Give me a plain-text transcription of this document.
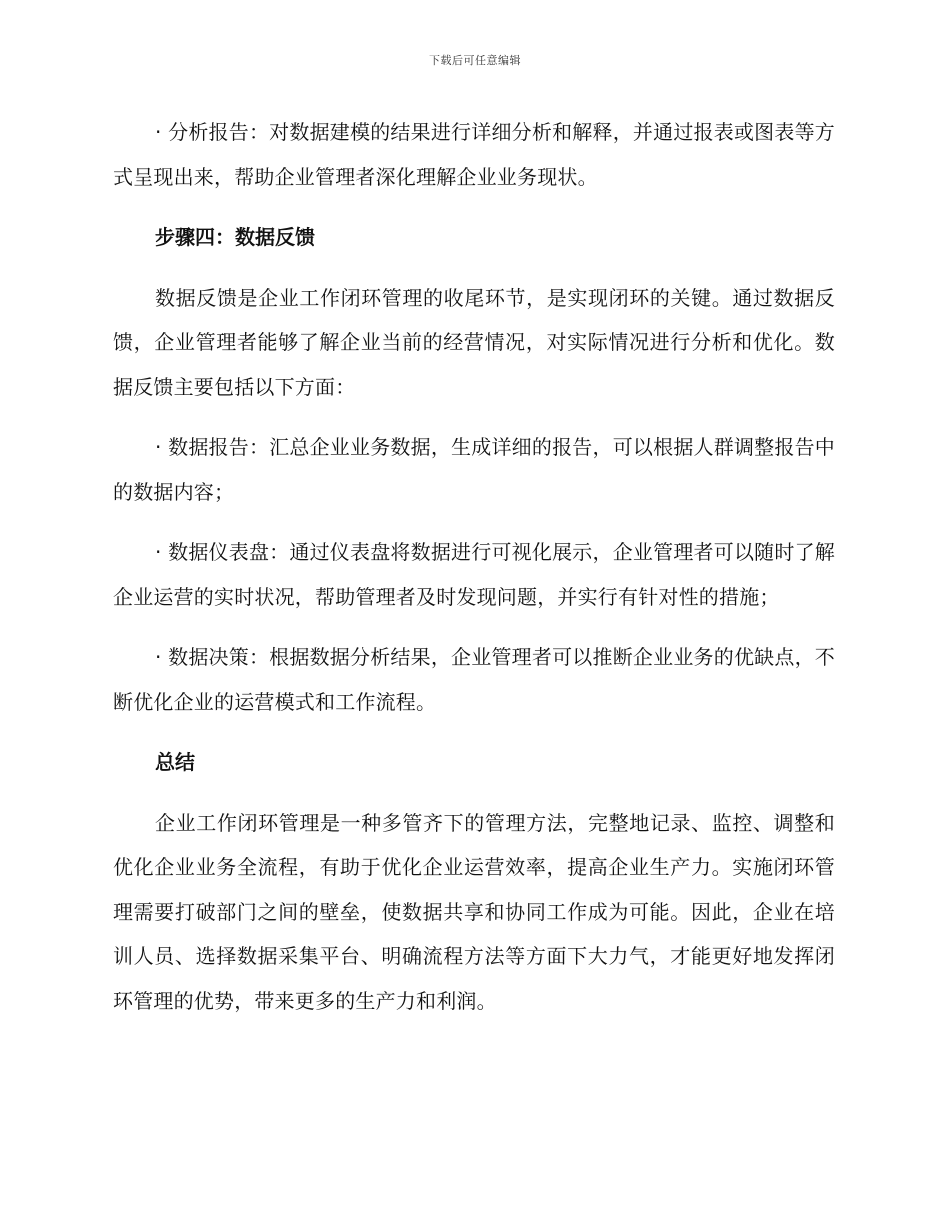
下载后可任意编辑

· 分析报告：对数据建模的结果进行详细分析和解释，并通过报表或图表等方式呈现出来，帮助企业管理者深化理解企业业务现状。

步骤四：数据反馈

数据反馈是企业工作闭环管理的收尾环节，是实现闭环的关键。通过数据反馈，企业管理者能够了解企业当前的经营情况，对实际情况进行分析和优化。数据反馈主要包括以下方面：

· 数据报告：汇总企业业务数据，生成详细的报告，可以根据人群调整报告中的数据内容；

· 数据仪表盘：通过仪表盘将数据进行可视化展示，企业管理者可以随时了解企业运营的实时状况，帮助管理者及时发现问题，并实行有针对性的措施；

· 数据决策：根据数据分析结果，企业管理者可以推断企业业务的优缺点，不断优化企业的运营模式和工作流程。

总结

企业工作闭环管理是一种多管齐下的管理方法，完整地记录、监控、调整和优化企业业务全流程，有助于优化企业运营效率，提高企业生产力。实施闭环管理需要打破部门之间的壁垒，使数据共享和协同工作成为可能。因此，企业在培训人员、选择数据采集平台、明确流程方法等方面下大力气，才能更好地发挥闭环管理的优势，带来更多的生产力和利润。
